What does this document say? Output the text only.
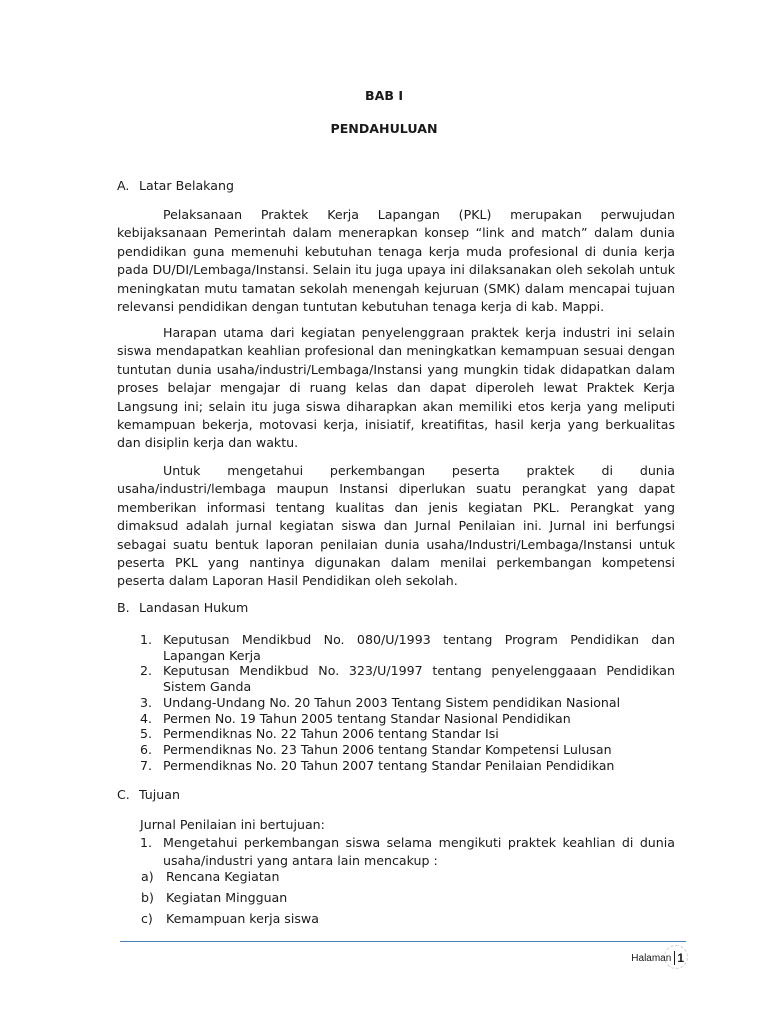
BAB I
PENDAHULUAN
A. Latar Belakang

Pelaksanaan Praktek Kerja Lapangan (PKL) merupakan perwujudan kebijaksanaan Pemerintah dalam menerapkan konsep “link and match” dalam dunia pendidikan guna memenuhi kebutuhan tenaga kerja muda profesional di dunia kerja pada DU/DI/Lembaga/Instansi. Selain itu juga upaya ini dilaksanakan oleh sekolah untuk meningkatan mutu tamatan sekolah menengah kejuruan (SMK) dalam mencapai tujuan relevansi pendidikan dengan tuntutan kebutuhan tenaga kerja di kab. Mappi.

Harapan utama dari kegiatan penyelenggraan praktek kerja industri ini selain siswa mendapatkan keahlian profesional dan meningkatkan kemampuan sesuai dengan tuntutan dunia usaha/industri/Lembaga/Instansi yang mungkin tidak didapatkan dalam proses belajar mengajar di ruang kelas dan dapat diperoleh lewat Praktek Kerja Langsung ini; selain itu juga siswa diharapkan akan memiliki etos kerja yang meliputi kemampuan bekerja, motovasi kerja, inisiatif, kreatifitas, hasil kerja yang berkualitas dan disiplin kerja dan waktu.

Untuk mengetahui perkembangan peserta praktek di dunia usaha/industri/lembaga maupun Instansi diperlukan suatu perangkat yang dapat memberikan informasi tentang kualitas dan jenis kegiatan PKL. Perangkat yang dimaksud adalah jurnal kegiatan siswa dan Jurnal Penilaian ini. Jurnal ini berfungsi sebagai suatu bentuk laporan penilaian dunia usaha/Industri/Lembaga/Instansi untuk peserta PKL yang nantinya digunakan dalam menilai perkembangan kompetensi peserta dalam Laporan Hasil Pendidikan oleh sekolah.

B. Landasan Hukum
1. Keputusan Mendikbud No. 080/U/1993 tentang Program Pendidikan dan Lapangan Kerja
2. Keputusan Mendikbud No. 323/U/1997 tentang penyelenggaaan Pendidikan Sistem Ganda
3. Undang-Undang No. 20 Tahun 2003 Tentang Sistem pendidikan Nasional
4. Permen No. 19 Tahun 2005 tentang Standar Nasional Pendidikan
5. Permendiknas No. 22 Tahun 2006 tentang Standar Isi
6. Permendiknas No. 23 Tahun 2006 tentang Standar Kompetensi Lulusan
7. Permendiknas No. 20 Tahun 2007 tentang Standar Penilaian Pendidikan
C. Tujuan

Jurnal Penilaian ini bertujuan:

1. Mengetahui perkembangan siswa selama mengikuti praktek keahlian di dunia usaha/industri yang antara lain mencakup :
a) Rencana Kegiatan
b) Kegiatan Mingguan
c) Kemampuan kerja siswa
Halaman 1
